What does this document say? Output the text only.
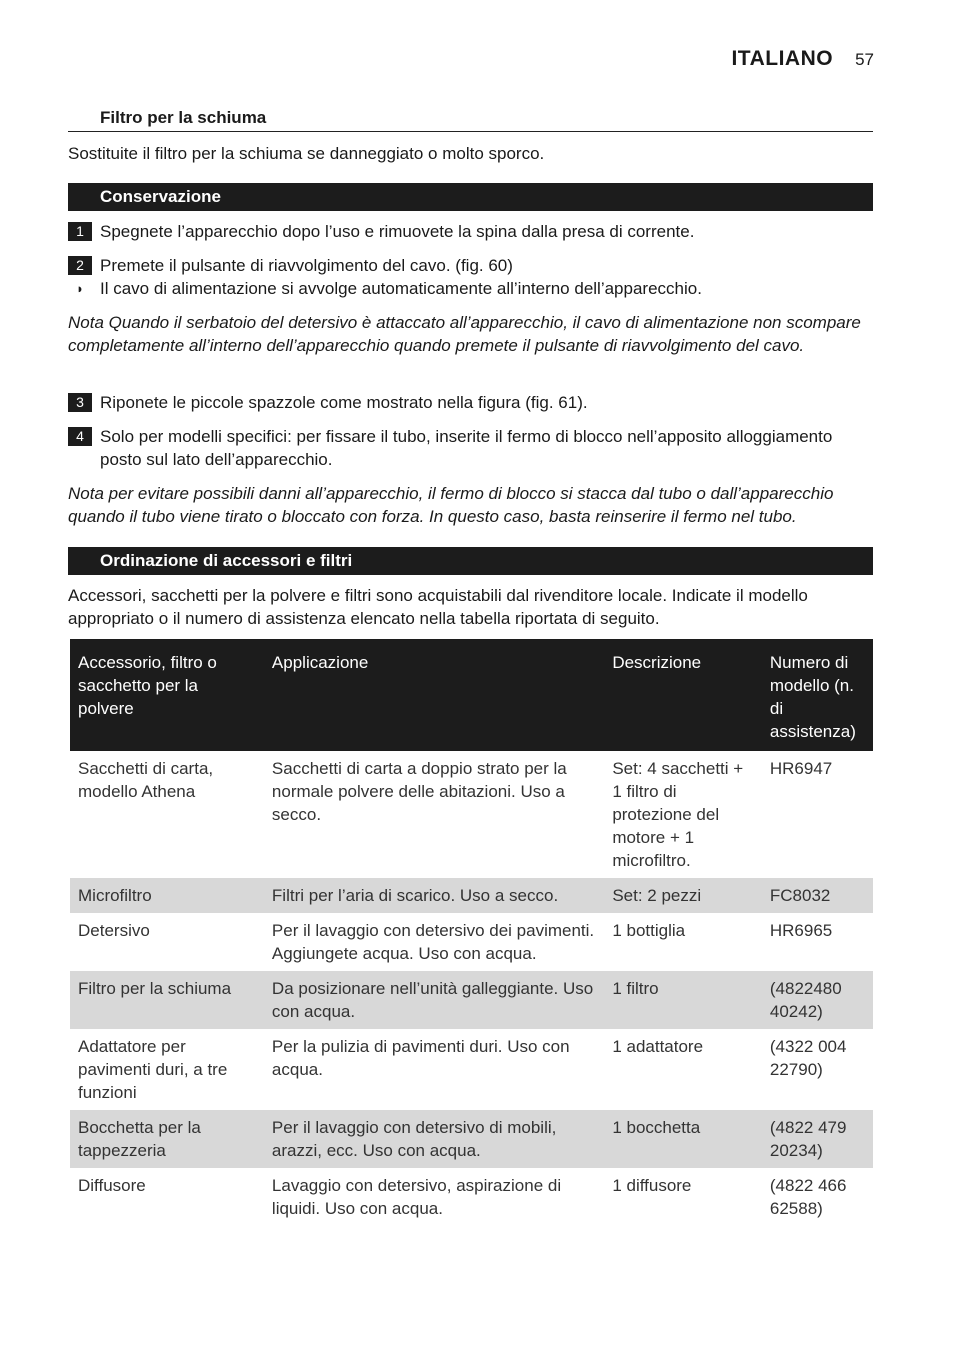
ITALIANO 57
Filtro per la schiuma
Sostituite il filtro per la schiuma se danneggiato o molto sporco.
Conservazione
1 Spegnete l’apparecchio dopo l’uso e rimuovete la spina dalla presa di corrente.
2 Premete il pulsante di riavvolgimento del cavo. (fig. 60)
◗ Il cavo di alimentazione si avvolge automaticamente all’interno dell’apparecchio.
Nota Quando il serbatoio del detersivo è attaccato all’apparecchio, il cavo di alimentazione non scompare completamente all’interno dell’apparecchio quando premete il pulsante di riavvolgimento del cavo.
3 Riponete le piccole spazzole come mostrato nella figura (fig. 61).
4 Solo per modelli specifici: per fissare il tubo, inserite il fermo di blocco nell’apposito alloggiamento posto sul lato dell’apparecchio.
Nota per evitare possibili danni all’apparecchio, il fermo di blocco si stacca dal tubo o dall’apparecchio quando il tubo viene tirato o bloccato con forza. In questo caso, basta reinserire il fermo nel tubo.
Ordinazione di accessori e filtri
Accessori, sacchetti per la polvere e filtri sono acquistabili dal rivenditore locale. Indicate il modello appropriato o il numero di assistenza elencato nella tabella riportata di seguito.
Accessorio, filtro o sacchetto per la polvere	Applicazione	Descrizione	Numero di modello (n. di assistenza)
Sacchetti di carta, modello Athena	Sacchetti di carta a doppio strato per la normale polvere delle abitazioni. Uso a secco.	Set: 4 sacchetti + 1 filtro di protezione del motore + 1 microfiltro.	HR6947
Microfiltro	Filtri per l’aria di scarico. Uso a secco.	Set: 2 pezzi	FC8032
Detersivo	Per il lavaggio con detersivo dei pavimenti. Aggiungete acqua. Uso con acqua.	1 bottiglia	HR6965
Filtro per la schiuma	Da posizionare nell’unità galleggiante. Uso con acqua.	1 filtro	(4822480 40242)
Adattatore per pavimenti duri, a tre funzioni	Per la pulizia di pavimenti duri. Uso con acqua.	1 adattatore	(4322 004 22790)
Bocchetta per la tappezzeria	Per il lavaggio con detersivo di mobili, arazzi, ecc. Uso con acqua.	1 bocchetta	(4822 479 20234)
Diffusore	Lavaggio con detersivo, aspirazione di liquidi. Uso con acqua.	1 diffusore	(4822 466 62588)
